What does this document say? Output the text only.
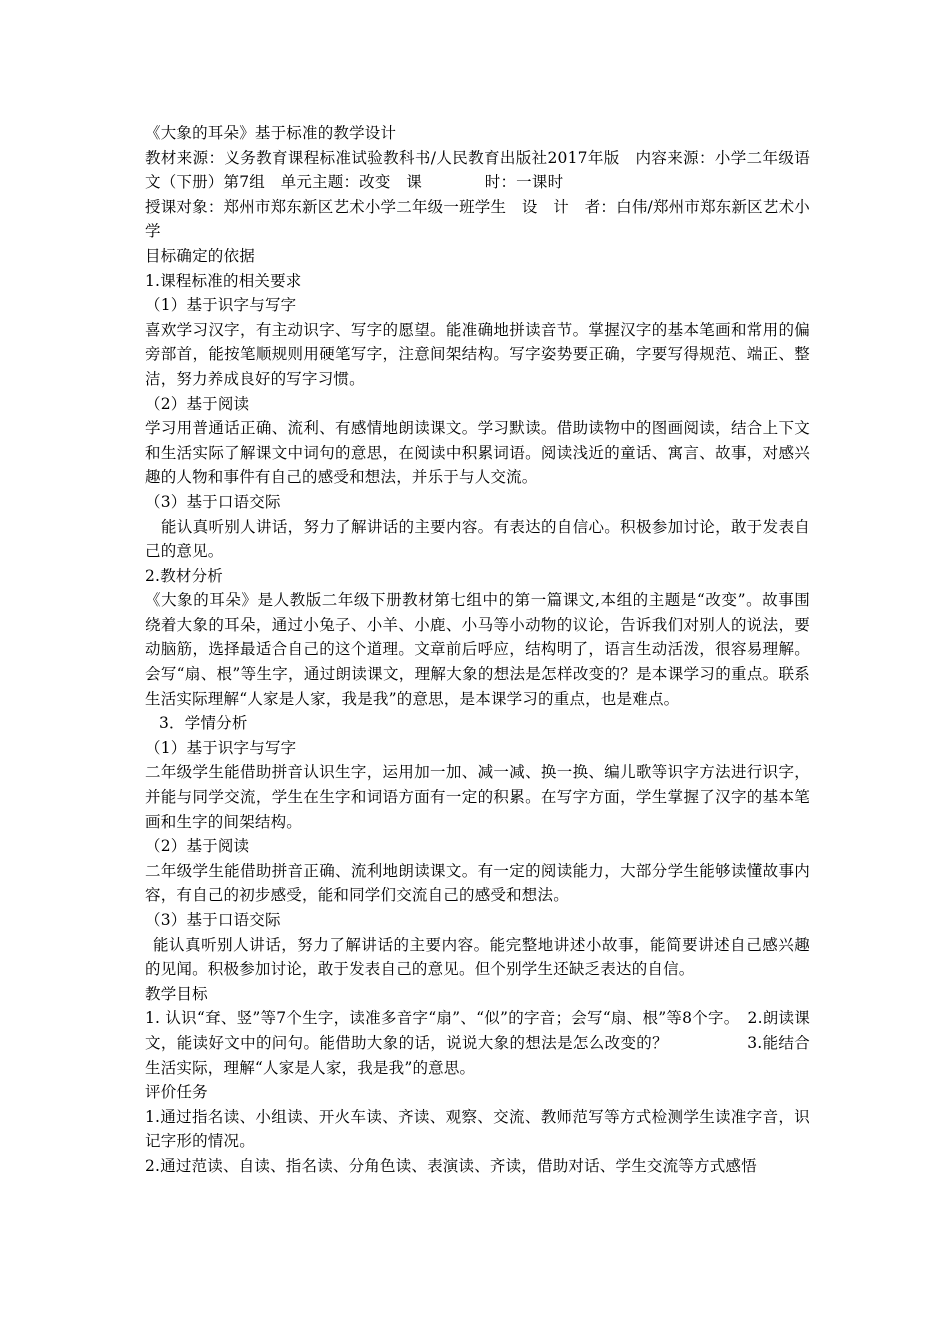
《大象的耳朵》基于标准的教学设计

教材来源：义务教育课程标准试验教科书/人民教育出版社2017年版　内容来源：小学二年级语文（下册）第7组　单元主题：改变　课　　　　时：一课时

授课对象：郑州市郑东新区艺术小学二年级一班学生　设　计　者：白伟/郑州市郑东新区艺术小学

目标确定的依据

1.课程标准的相关要求

（1）基于识字与写字

喜欢学习汉字，有主动识字、写字的愿望。能准确地拼读音节。掌握汉字的基本笔画和常用的偏旁部首，能按笔顺规则用硬笔写字，注意间架结构。写字姿势要正确，字要写得规范、端正、整洁，努力养成良好的写字习惯。

（2）基于阅读

学习用普通话正确、流利、有感情地朗读课文。学习默读。借助读物中的图画阅读，结合上下文和生活实际了解课文中词句的意思，在阅读中积累词语。阅读浅近的童话、寓言、故事，对感兴趣的人物和事件有自己的感受和想法，并乐于与人交流。

（3）基于口语交际

能认真听别人讲话，努力了解讲话的主要内容。有表达的自信心。积极参加讨论，敢于发表自己的意见。

2.教材分析

《大象的耳朵》是人教版二年级下册教材第七组中的第一篇课文,本组的主题是“改变”。故事围绕着大象的耳朵，通过小兔子、小羊、小鹿、小马等小动物的议论，告诉我们对别人的说法，要动脑筋，选择最适合自己的这个道理。文章前后呼应，结构明了，语言生动活泼，很容易理解。会写“扇、根”等生字，通过朗读课文，理解大象的想法是怎样改变的？是本课学习的重点。联系生活实际理解“人家是人家，我是我”的意思，是本课学习的重点，也是难点。

3．学情分析

（1）基于识字与写字

二年级学生能借助拼音认识生字，运用加一加、减一减、换一换、编儿歌等识字方法进行识字，并能与同学交流，学生在生字和词语方面有一定的积累。在写字方面，学生掌握了汉字的基本笔画和生字的间架结构。

（2）基于阅读

二年级学生能借助拼音正确、流利地朗读课文。有一定的阅读能力，大部分学生能够读懂故事内容，有自己的初步感受，能和同学们交流自己的感受和想法。

（3）基于口语交际

能认真听别人讲话，努力了解讲话的主要内容。能完整地讲述小故事，能简要讲述自己感兴趣的见闻。积极参加讨论，敢于发表自己的意见。但个别学生还缺乏表达的自信。

教学目标

1. 认识“耷、竖”等7个生字，读准多音字“扇”、“似”的字音；会写“扇、根”等8个字。　2.朗读课文，能读好文中的问句。能借助大象的话，说说大象的想法是怎么改变的？　　　　　3.能结合生活实际，理解“人家是人家，我是我”的意思。

评价任务

1.通过指名读、小组读、开火车读、齐读、观察、交流、教师范写等方式检测学生读准字音，识记字形的情况。

2.通过范读、自读、指名读、分角色读、表演读、齐读，借助对话、学生交流等方式感悟
